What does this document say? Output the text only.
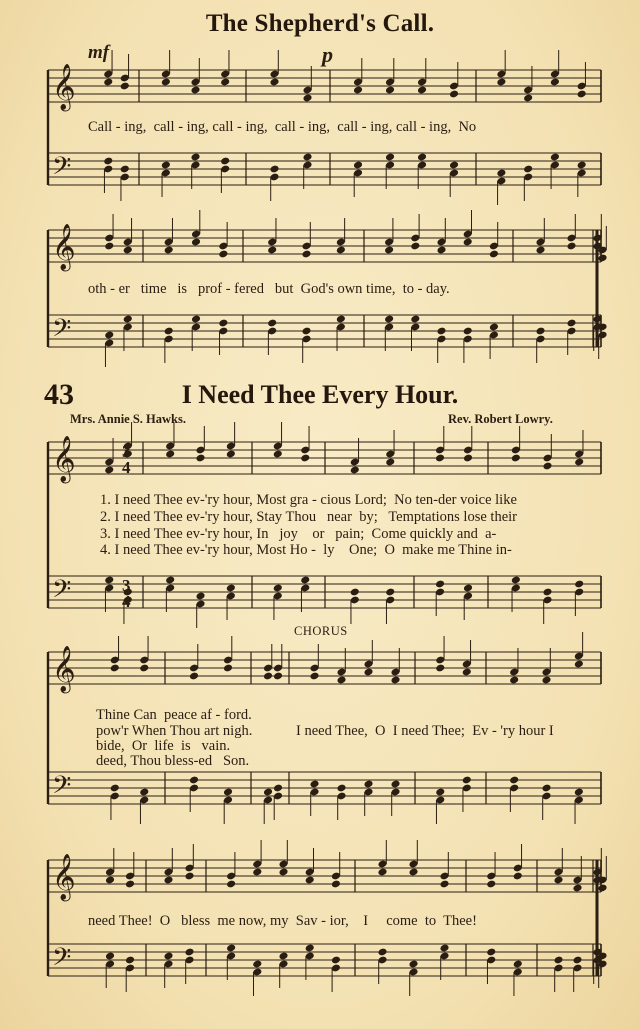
The Shepherd's Call.
mf	p
Call - ing,  call - ing, call - ing,  call - ing,  call - ing, call - ing,  No
oth - er   time   is   prof - fered   but  God's own time,  to - day.
43	I Need Thee Every Hour.
Mrs. Annie S. Hawks.	Rev. Robert Lowry.
1. I need Thee ev-'ry hour, Most gra - cious Lord;  No ten-der voice like
2. I need Thee ev-'ry hour, Stay Thou   near  by;   Temptations lose their
3. I need Thee ev-'ry hour, In   joy    or   pain;  Come quickly and  a-
4. I need Thee ev-'ry hour, Most Ho -  ly    One;  O  make me Thine in-
CHORUS
Thine Can  peace af - ford.
pow'r When Thou art nigh.
bide,  Or  life  is   vain.
deed, Thou bless-ed   Son.
I need Thee,  O  I need Thee;  Ev - 'ry hour I
need Thee!  O   bless  me now, my  Sav - ior,    I     come  to  Thee!
𝄞
𝄢
𝄞
𝄢
𝄞
𝄢
𝄞
𝄢
𝄞
𝄢
3
4
3
4
